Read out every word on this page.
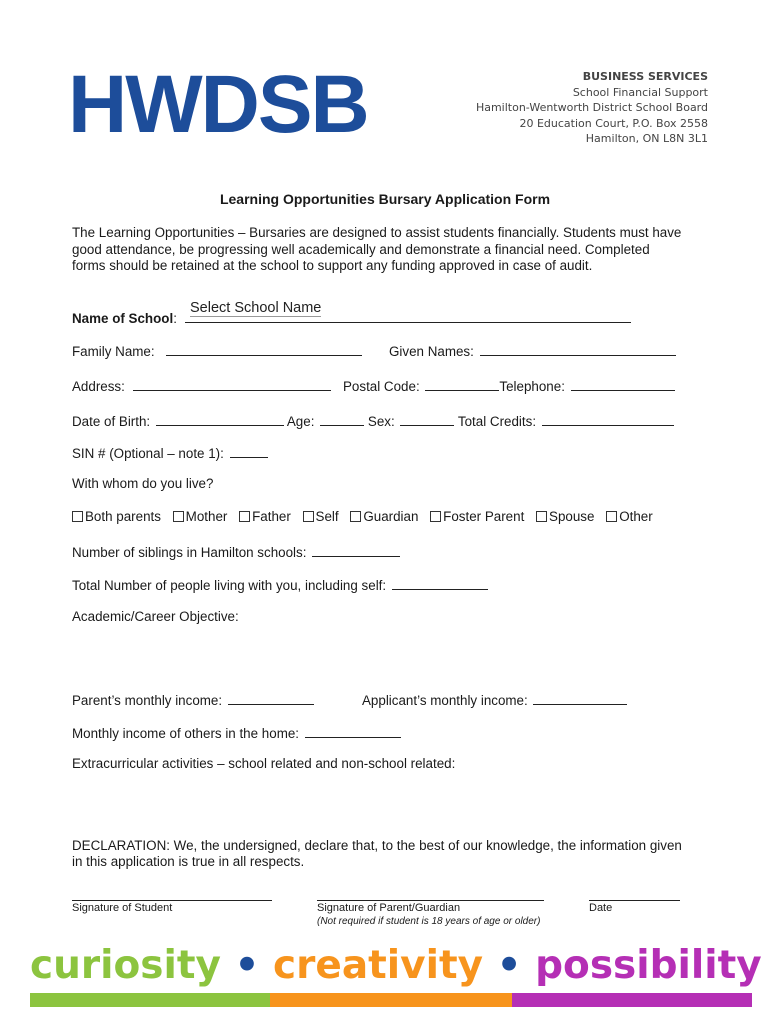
HWDSB	BUSINESS SERVICES
School Financial Support
Hamilton-Wentworth District School Board
20 Education Court, P.O. Box 2558
Hamilton, ON L8N 3L1
Learning Opportunities Bursary Application Form
The Learning Opportunities – Bursaries are designed to assist students financially. Students must have good attendance, be progressing well academically and demonstrate a financial need. Completed forms should be retained at the school to support any funding approved in case of audit.
Name of School:
Select School Name
Family Name:	Given Names:
Address:	Postal Code:	Telephone:
Date of Birth:	Age:	Sex:	Total Credits:
SIN # (Optional – note 1):
With whom do you live?
Both parents Mother Father Self Guardian Foster Parent Spouse Other
Number of siblings in Hamilton schools:
Total Number of people living with you, including self:
Academic/Career Objective:
Parent’s monthly income:	Applicant’s monthly income:
Monthly income of others in the home:
Extracurricular activities – school related and non-school related:
DECLARATION: We, the undersigned, declare that, to the best of our knowledge, the information given in this application is true in all respects.
Signature of Student	Signature of Parent/Guardian
(Not required if student is 18 years of age or older)
Date
curiosity • creativity • possibility
